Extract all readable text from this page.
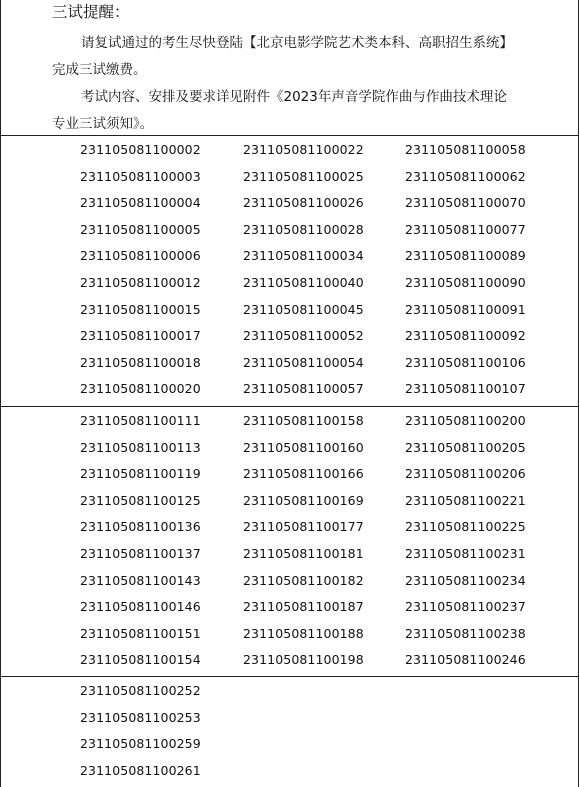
三试提醒：
请复试通过的考生尽快登陆【北京电影学院艺术类本科、高职招生系统】
完成三试缴费。
考试内容、安排及要求详见附件《2023年声音学院作曲与作曲技术理论
专业三试须知》。
231105081100002	231105081100022	231105081100058
231105081100003	231105081100025	231105081100062
231105081100004	231105081100026	231105081100070
231105081100005	231105081100028	231105081100077
231105081100006	231105081100034	231105081100089
231105081100012	231105081100040	231105081100090
231105081100015	231105081100045	231105081100091
231105081100017	231105081100052	231105081100092
231105081100018	231105081100054	231105081100106
231105081100020	231105081100057	231105081100107
231105081100111	231105081100158	231105081100200
231105081100113	231105081100160	231105081100205
231105081100119	231105081100166	231105081100206
231105081100125	231105081100169	231105081100221
231105081100136	231105081100177	231105081100225
231105081100137	231105081100181	231105081100231
231105081100143	231105081100182	231105081100234
231105081100146	231105081100187	231105081100237
231105081100151	231105081100188	231105081100238
231105081100154	231105081100198	231105081100246
231105081100252
231105081100253
231105081100259
231105081100261
